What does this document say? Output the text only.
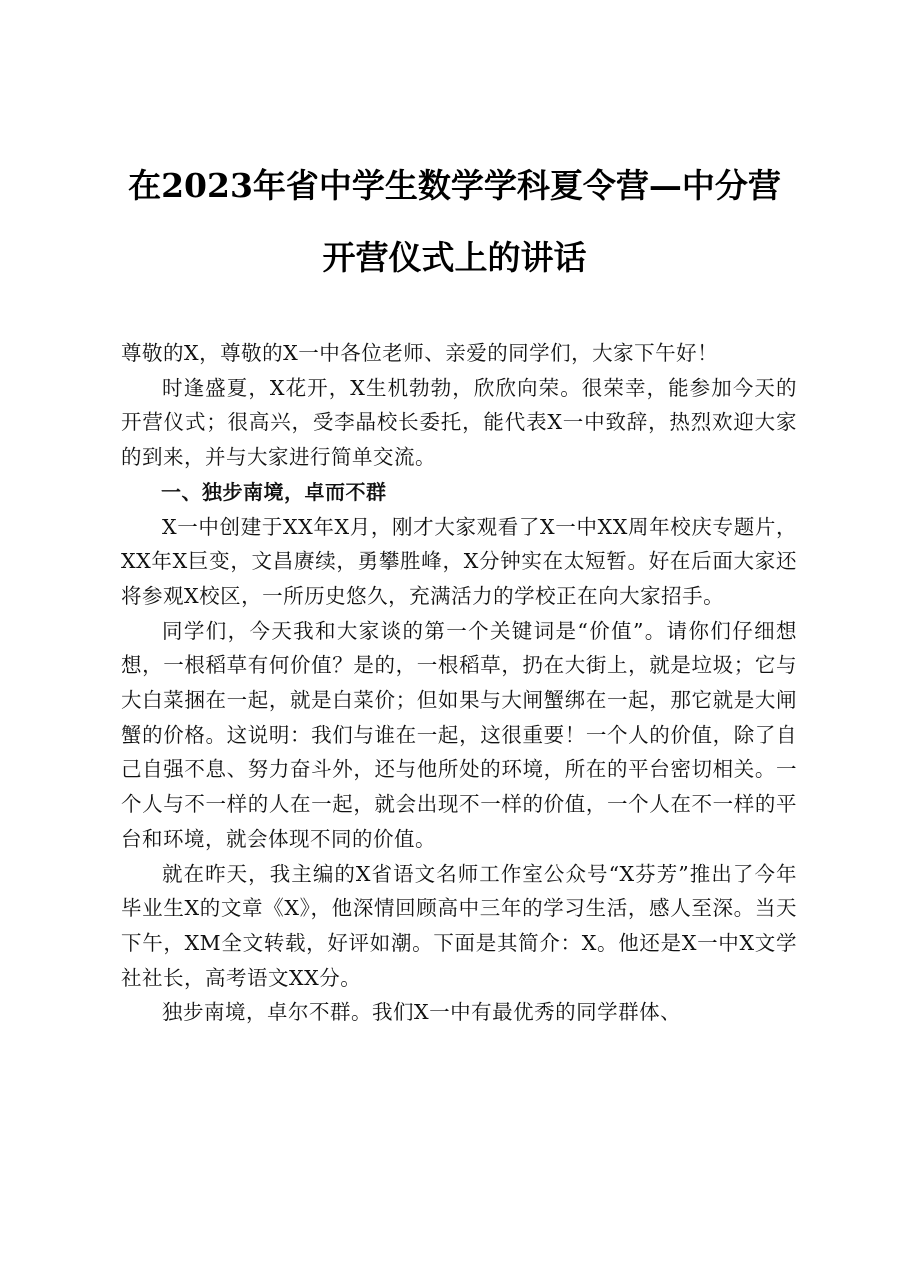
在2023年省中学生数学学科夏令营—中分营
开营仪式上的讲话

尊敬的X，尊敬的X一中各位老师、亲爱的同学们，大家下午好！

时逢盛夏，X花开，X生机勃勃，欣欣向荣。很荣幸，能参加今天的开营仪式；很高兴，受李晶校长委托，能代表X一中致辞，热烈欢迎大家的到来，并与大家进行简单交流。

一、独步南境，卓而不群

X一中创建于XX年X月，刚才大家观看了X一中XX周年校庆专题片，XX年X巨变，文昌赓续，勇攀胜峰，X分钟实在太短暂。好在后面大家还将参观X校区，一所历史悠久，充满活力的学校正在向大家招手。

同学们，今天我和大家谈的第一个关键词是“价值”。请你们仔细想想，一根稻草有何价值？是的，一根稻草，扔在大街上，就是垃圾；它与大白菜捆在一起，就是白菜价；但如果与大闸蟹绑在一起，那它就是大闸蟹的价格。这说明：我们与谁在一起，这很重要！一个人的价值，除了自己自强不息、努力奋斗外，还与他所处的环境，所在的平台密切相关。一个人与不一样的人在一起，就会出现不一样的价值，一个人在不一样的平台和环境，就会体现不同的价值。

就在昨天，我主编的X省语文名师工作室公众号“X芬芳”推出了今年毕业生X的文章《X》，他深情回顾高中三年的学习生活，感人至深。当天下午，XM全文转载，好评如潮。下面是其简介：X。他还是X一中X文学社社长，高考语文XX分。

独步南境，卓尔不群。我们X一中有最优秀的同学群体、
